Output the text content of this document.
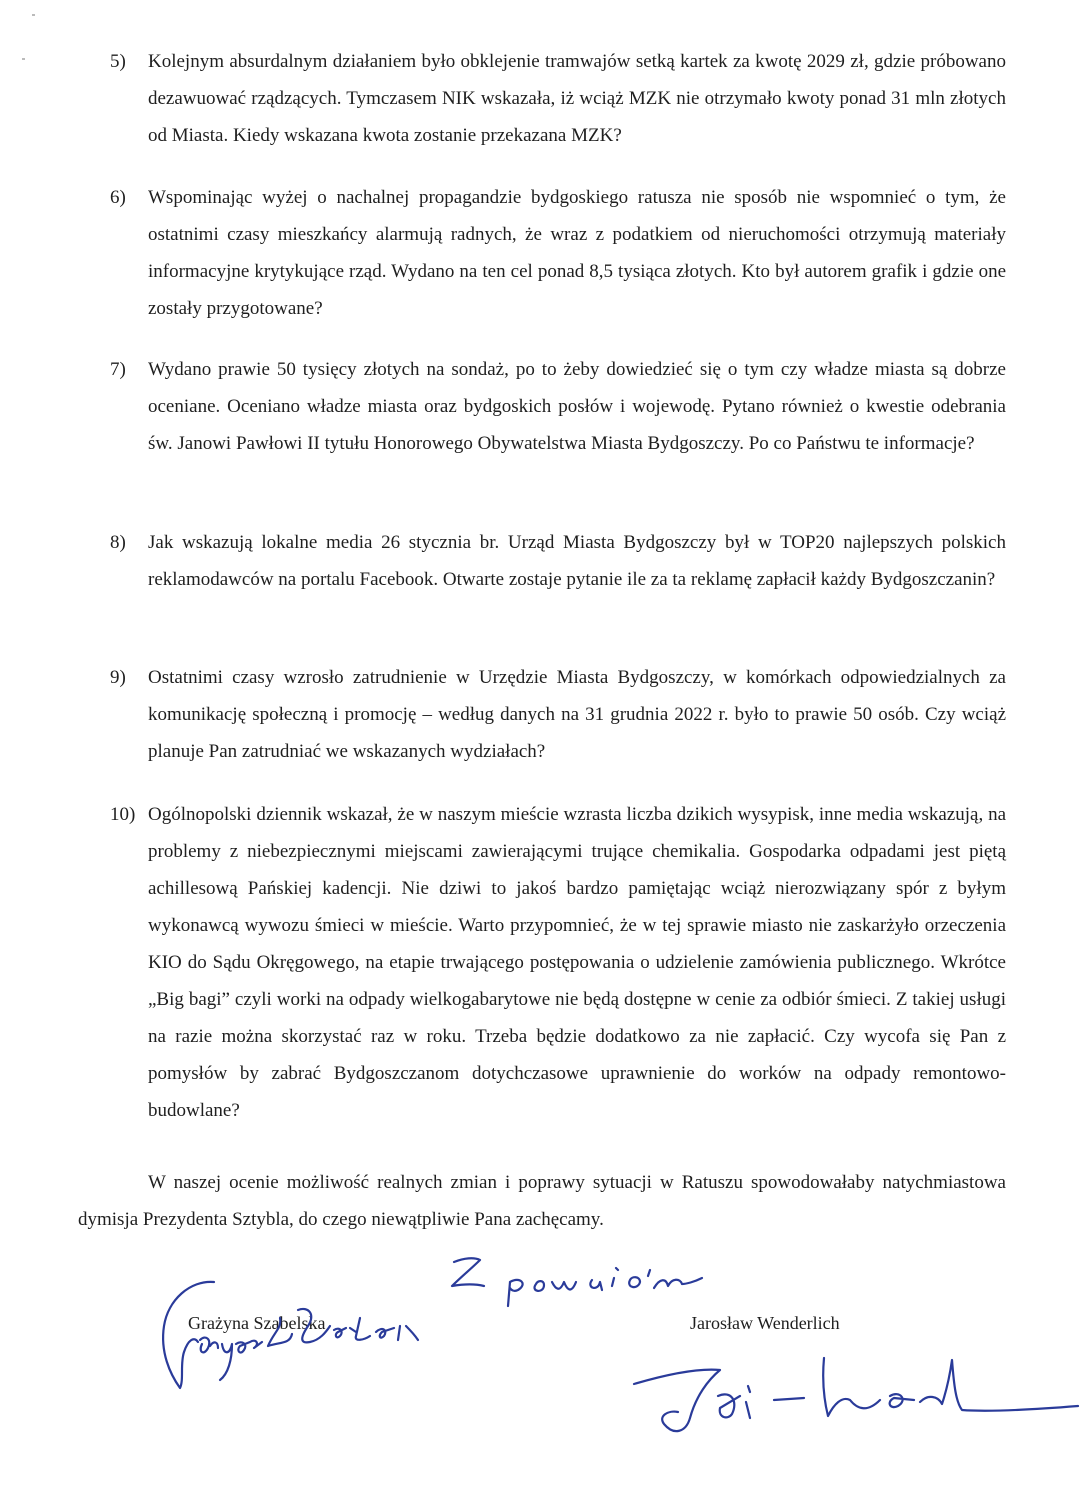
5)	Kolejnym absurdalnym działaniem było obklejenie tramwajów setką kartek za kwotę 2029 zł, gdzie próbowano dezawuować rządzących. Tymczasem NIK wskazała, iż wciąż MZK nie otrzymało kwoty ponad 31 mln złotych od Miasta. Kiedy wskazana kwota zostanie przekazana MZK?
6)	Wspominając wyżej o nachalnej propagandzie bydgoskiego ratusza nie sposób nie wspomnieć o tym, że ostatnimi czasy mieszkańcy alarmują radnych, że wraz z podatkiem od nieruchomości otrzymują materiały informacyjne krytykujące rząd. Wydano na ten cel ponad 8,5 tysiąca złotych. Kto był autorem grafik i gdzie one zostały przygotowane?
7)	Wydano prawie 50 tysięcy złotych na sondaż, po to żeby dowiedzieć się o tym czy władze miasta są dobrze oceniane. Oceniano władze miasta oraz bydgoskich posłów i wojewodę. Pytano również o kwestie odebrania św. Janowi Pawłowi II tytułu Honorowego Obywatelstwa Miasta Bydgoszczy. Po co Państwu te informacje?
8)	Jak wskazują lokalne media 26 stycznia br. Urząd Miasta Bydgoszczy był w TOP20 najlepszych polskich reklamodawców na portalu Facebook. Otwarte zostaje pytanie ile za ta reklamę zapłacił każdy Bydgoszczanin?
9)	Ostatnimi czasy wzrosło zatrudnienie w Urzędzie Miasta Bydgoszczy, w komórkach odpowiedzialnych za komunikację społeczną i promocję – według danych na 31 grudnia 2022 r. było to prawie 50 osób. Czy wciąż planuje Pan zatrudniać we wskazanych wydziałach?
10) Ogólnopolski dziennik wskazał, że w naszym mieście wzrasta liczba dzikich wysypisk, inne media wskazują, na problemy z niebezpiecznymi miejscami zawierającymi trujące chemikalia. Gospodarka odpadami jest piętą achillesową Pańskiej kadencji. Nie dziwi to jakoś bardzo pamiętając wciąż nierozwiązany spór z byłym wykonawcą wywozu śmieci w mieście. Warto przypomnieć, że w tej sprawie miasto nie zaskarżyło orzeczenia KIO do Sądu Okręgowego, na etapie trwającego postępowania o udzielenie zamówienia publicznego. Wkrótce „Big bagi” czyli worki na odpady wielkogabarytowe nie będą dostępne w cenie za odbiór śmieci. Z takiej usługi na razie można skorzystać raz w roku. Trzeba będzie dodatkowo za nie zapłacić. Czy wycofa się Pan z pomysłów by zabrać Bydgoszczanom dotychczasowe uprawnienie do worków na odpady remontowo-budowlane?
W naszej ocenie możliwość realnych zmian i poprawy sytuacji w Ratuszu spowodowałaby natychmiastowa dymisja Prezydenta Sztybla, do czego niewątpliwie Pana zachęcamy.
Grażyna Szabelska	Jarosław Wenderlich
